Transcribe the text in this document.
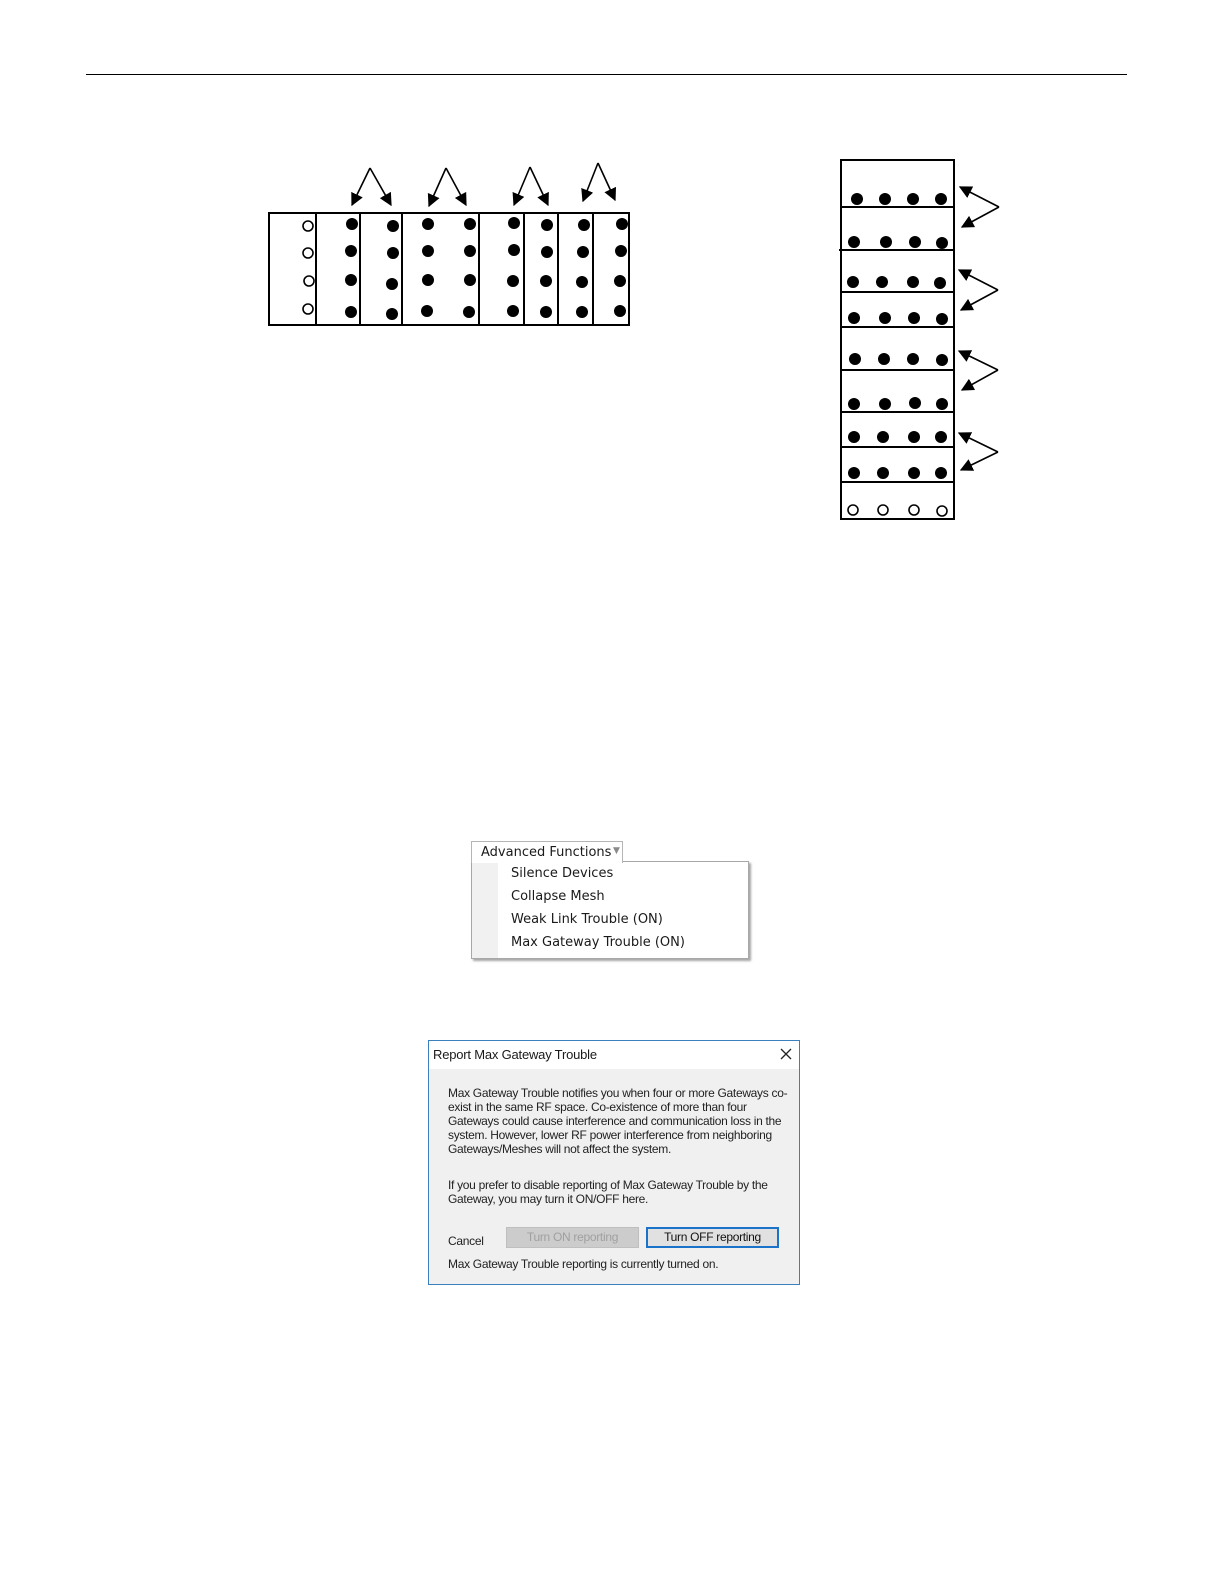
Advanced Functions ▼
Silence Devices
Collapse Mesh
Weak Link Trouble (ON)
Max Gateway Trouble (ON)
Report Max Gateway Trouble

Max Gateway Trouble notifies you when four or more Gateways co-exist in the same RF space. Co-existence of more than four Gateways could cause interference and communication loss in the system. However, lower RF power interference from neighboring Gateways/Meshes will not affect the system.

If you prefer to disable reporting of Max Gateway Trouble by the Gateway, you may turn it ON/OFF here.

Cancel	Turn ON reporting	Turn OFF reporting
Max Gateway Trouble reporting is currently turned on.
